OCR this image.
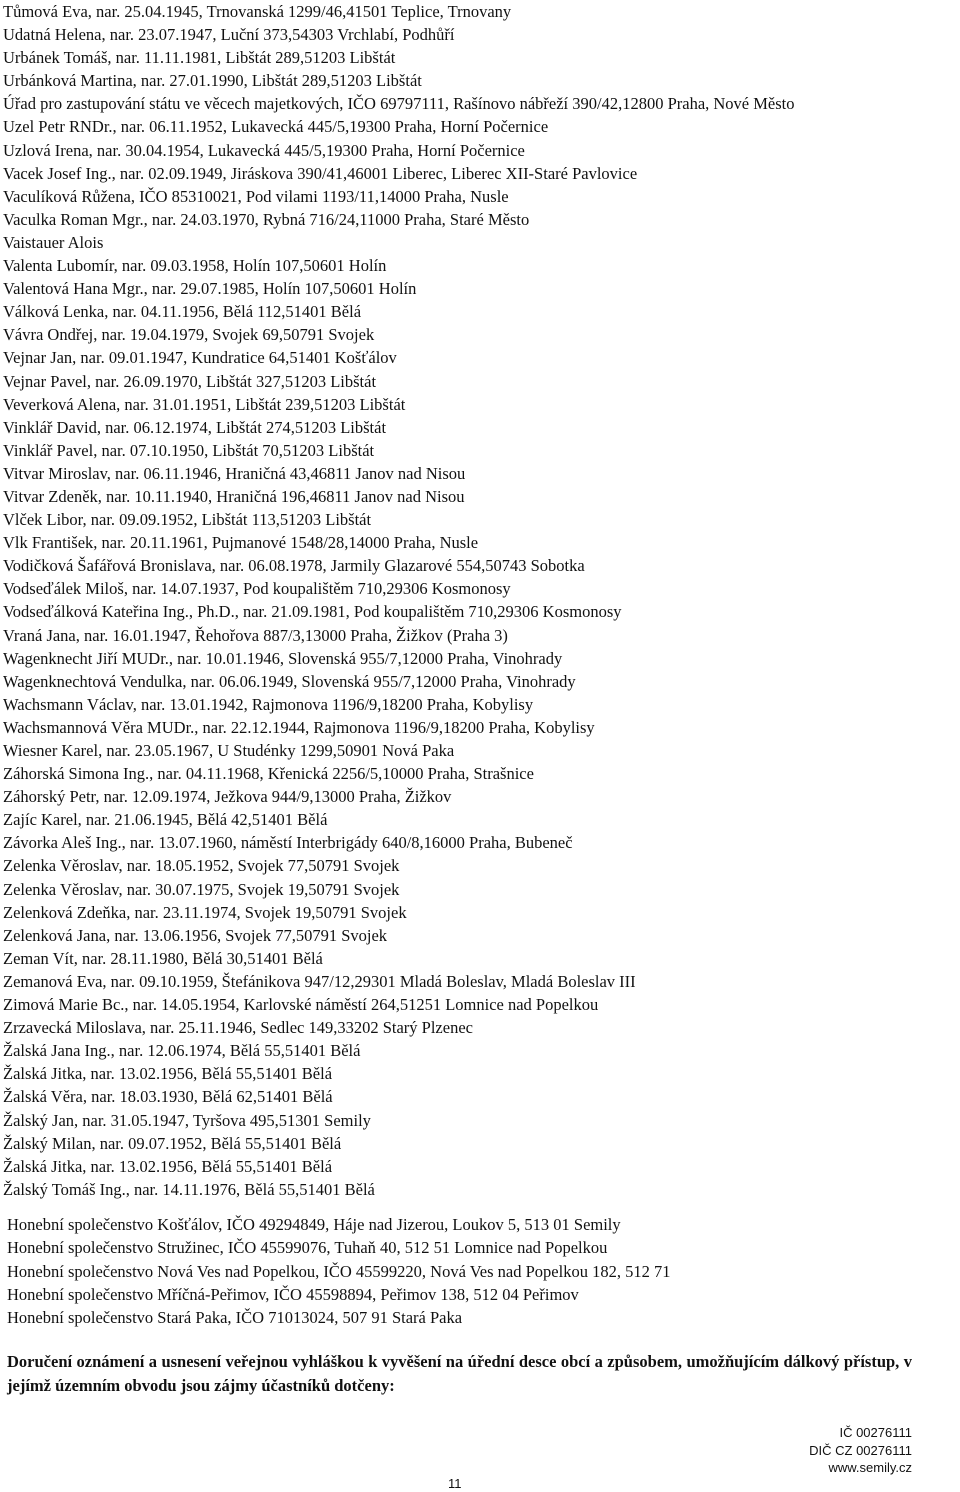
Tůmová Eva, nar. 25.04.1945, Trnovanská 1299/46,41501 Teplice, Trnovany
Udatná Helena, nar. 23.07.1947, Luční 373,54303 Vrchlabí, Podhůří
Urbánek Tomáš, nar. 11.11.1981, Libštát 289,51203 Libštát
Urbánková Martina, nar. 27.01.1990, Libštát 289,51203 Libštát
Úřad pro zastupování státu ve věcech majetkových, IČO 69797111, Rašínovo nábřeží 390/42,12800 Praha, Nové Město
Uzel Petr RNDr., nar. 06.11.1952, Lukavecká 445/5,19300 Praha, Horní Počernice
Uzlová Irena, nar. 30.04.1954, Lukavecká 445/5,19300 Praha, Horní Počernice
Vacek Josef Ing., nar. 02.09.1949, Jiráskova 390/41,46001 Liberec, Liberec XII-Staré Pavlovice
Vaculíková Růžena, IČO 85310021, Pod vilami 1193/11,14000 Praha, Nusle
Vaculka Roman Mgr., nar. 24.03.1970, Rybná 716/24,11000 Praha, Staré Město
Vaistauer Alois
Valenta Lubomír, nar. 09.03.1958, Holín 107,50601 Holín
Valentová Hana Mgr., nar. 29.07.1985, Holín 107,50601 Holín
Válková Lenka, nar. 04.11.1956, Bělá 112,51401 Bělá
Vávra Ondřej, nar. 19.04.1979, Svojek 69,50791 Svojek
Vejnar Jan, nar. 09.01.1947, Kundratice 64,51401 Košťálov
Vejnar Pavel, nar. 26.09.1970, Libštát 327,51203 Libštát
Veverková Alena, nar. 31.01.1951, Libštát 239,51203 Libštát
Vinklář David, nar. 06.12.1974, Libštát 274,51203 Libštát
Vinklář Pavel, nar. 07.10.1950, Libštát 70,51203 Libštát
Vitvar Miroslav, nar. 06.11.1946, Hraničná 43,46811 Janov nad Nisou
Vitvar Zdeněk, nar. 10.11.1940, Hraničná 196,46811 Janov nad Nisou
Vlček Libor, nar. 09.09.1952, Libštát 113,51203 Libštát
Vlk František, nar. 20.11.1961, Pujmanové 1548/28,14000 Praha, Nusle
Vodičková Šafářová Bronislava, nar. 06.08.1978, Jarmily Glazarové 554,50743 Sobotka
Vodseďálek Miloš, nar. 14.07.1937, Pod koupalištěm 710,29306 Kosmonosy
Vodseďálková Kateřina Ing., Ph.D., nar. 21.09.1981, Pod koupalištěm 710,29306 Kosmonosy
Vraná Jana, nar. 16.01.1947, Řehořova 887/3,13000 Praha, Žižkov (Praha 3)
Wagenknecht Jiří MUDr., nar. 10.01.1946, Slovenská 955/7,12000 Praha, Vinohrady
Wagenknechtová Vendulka, nar. 06.06.1949, Slovenská 955/7,12000 Praha, Vinohrady
Wachsmann Václav, nar. 13.01.1942, Rajmonova 1196/9,18200 Praha, Kobylisy
Wachsmannová Věra MUDr., nar. 22.12.1944, Rajmonova 1196/9,18200 Praha, Kobylisy
Wiesner Karel, nar. 23.05.1967, U Studénky 1299,50901 Nová Paka
Záhorská Simona Ing., nar. 04.11.1968, Křenická 2256/5,10000 Praha, Strašnice
Záhorský Petr, nar. 12.09.1974, Ježkova 944/9,13000 Praha, Žižkov
Zajíc Karel, nar. 21.06.1945, Bělá 42,51401 Bělá
Závorka Aleš Ing., nar. 13.07.1960, náměstí Interbrigády 640/8,16000 Praha, Bubeneč
Zelenka Věroslav, nar. 18.05.1952, Svojek 77,50791 Svojek
Zelenka Věroslav, nar. 30.07.1975, Svojek 19,50791 Svojek
Zelenková Zdeňka, nar. 23.11.1974, Svojek 19,50791 Svojek
Zelenková Jana, nar. 13.06.1956, Svojek 77,50791 Svojek
Zeman Vít, nar. 28.11.1980, Bělá 30,51401 Bělá
Zemanová Eva, nar. 09.10.1959, Štefánikova 947/12,29301 Mladá Boleslav, Mladá Boleslav III
Zimová Marie Bc., nar. 14.05.1954, Karlovské náměstí 264,51251 Lomnice nad Popelkou
Zrzavecká Miloslava, nar. 25.11.1946, Sedlec 149,33202 Starý Plzenec
Žalská Jana Ing., nar. 12.06.1974, Bělá 55,51401 Bělá
Žalská Jitka, nar. 13.02.1956, Bělá 55,51401 Bělá
Žalská Věra, nar. 18.03.1930, Bělá 62,51401 Bělá
Žalský Jan, nar. 31.05.1947, Tyršova 495,51301 Semily
Žalský Milan, nar. 09.07.1952, Bělá 55,51401 Bělá
Žalská Jitka, nar. 13.02.1956, Bělá 55,51401 Bělá
Žalský Tomáš Ing., nar. 14.11.1976, Bělá 55,51401 Bělá
Honební společenstvo Košťálov, IČO 49294849, Háje nad Jizerou, Loukov 5, 513 01 Semily
Honební společenstvo Stružinec, IČO 45599076, Tuhaň 40, 512 51 Lomnice nad Popelkou
Honební společenstvo Nová Ves nad Popelkou, IČO 45599220, Nová Ves nad Popelkou 182, 512 71
Honební společenstvo Mříčná-Peřimov, IČO 45598894, Peřimov 138, 512 04 Peřimov
Honební společenstvo Stará Paka, IČO 71013024, 507 91 Stará Paka
Doručení oznámení a usnesení veřejnou vyhláškou k vyvěšení na úřední desce obcí a způsobem, umožňujícím dálkový přístup, v jejímž územním obvodu jsou zájmy účastníků dotčeny:
IČ 00276111
DIČ CZ 00276111
www.semily.cz
11
